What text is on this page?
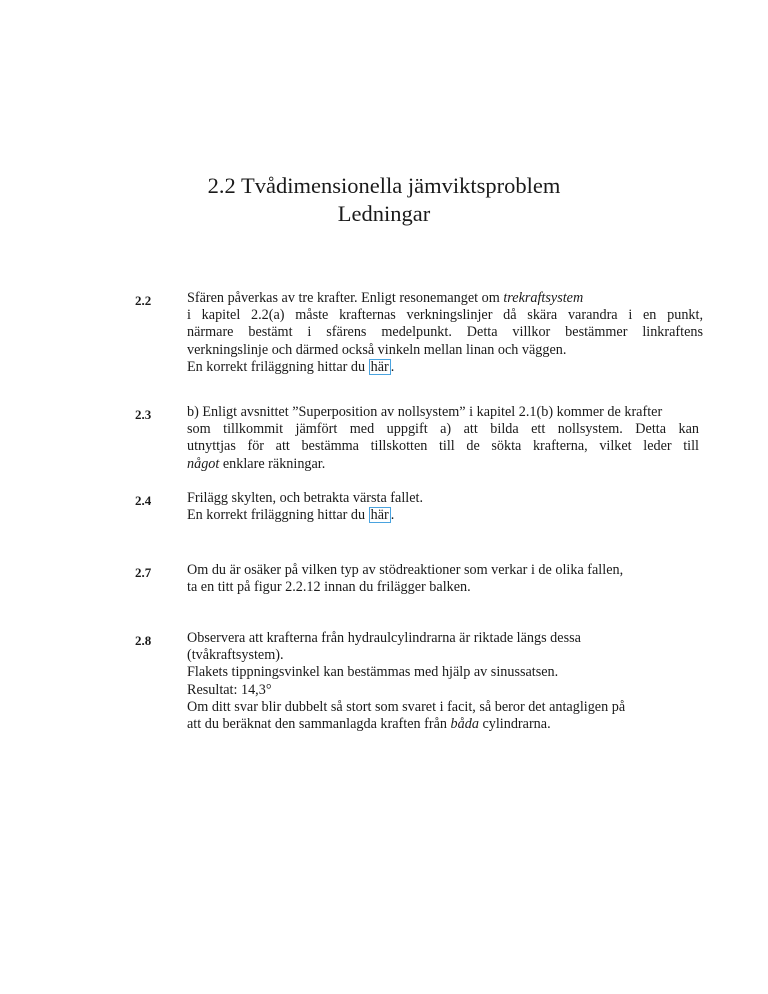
2.2 Tvådimensionella jämviktsproblem
Ledningar
2.2	Sfären påverkas av tre krafter. Enligt resonemanget om trekraftsystem
i kapitel 2.2(a) måste krafternas verkningslinjer då skära varandra i en punkt,
närmare bestämt i sfärens medelpunkt. Detta villkor bestämmer linkraftens
verkningslinje och därmed också vinkeln mellan linan och väggen.
En korrekt friläggning hittar du här .
2.3	b) Enligt avsnittet ”Superposition av nollsystem” i kapitel 2.1(b) kommer de krafter
som tillkommit jämfört med uppgift a) att bilda ett nollsystem. Detta kan
utnyttjas för att bestämma tillskotten till de sökta krafterna, vilket leder till
något enklare räkningar.
2.4	Frilägg skylten, och betrakta värsta fallet.
En korrekt friläggning hittar du här .
2.7	Om du är osäker på vilken typ av stödreaktioner som verkar i de olika fallen,
ta en titt på figur 2.2.12 innan du frilägger balken.
2.8	Observera att krafterna från hydraulcylindrarna är riktade längs dessa
(tvåkraftsystem).
Flakets tippningsvinkel kan bestämmas med hjälp av sinussatsen.
Resultat: 14,3°
Om ditt svar blir dubbelt så stort som svaret i facit, så beror det antagligen på
att du beräknat den sammanlagda kraften från båda cylindrarna.
